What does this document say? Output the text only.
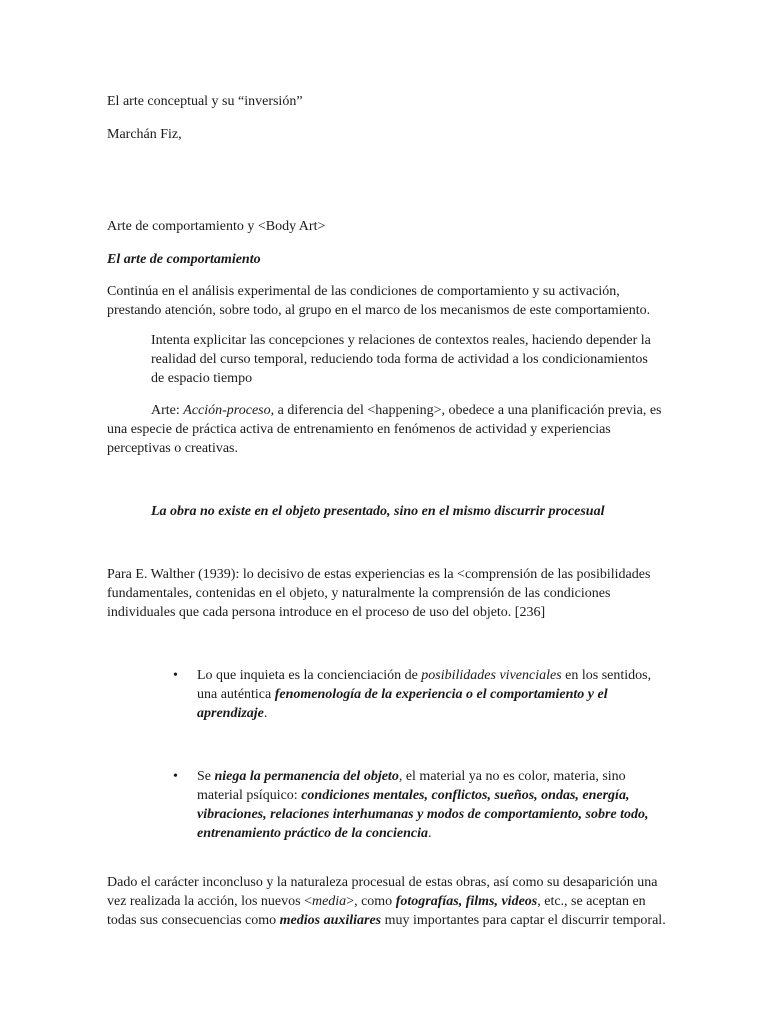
El arte conceptual y su “inversión”

Marchán Fiz,

Arte de comportamiento y <Body Art>

El arte de comportamiento

Continúa en el análisis experimental de las condiciones de comportamiento y su activación, prestando atención, sobre todo, al grupo en el marco de los mecanismos de este comportamiento.

Intenta explicitar las concepciones y relaciones de contextos reales, haciendo depender la realidad del curso temporal, reduciendo toda forma de actividad a los condicionamientos de espacio tiempo

Arte: Acción-proceso, a diferencia del <happening>, obedece a una planificación previa, es una especie de práctica activa de entrenamiento en fenómenos de actividad y experiencias perceptivas o creativas.

La obra no existe en el objeto presentado, sino en el mismo discurrir procesual

Para E. Walther (1939): lo decisivo de estas experiencias es la <comprensión de las posibilidades fundamentales, contenidas en el objeto, y naturalmente la comprensión de las condiciones individuales que cada persona introduce en el proceso de uso del objeto. [236]

• Lo que inquieta es la concienciación de posibilidades vivenciales en los sentidos, una auténtica fenomenología de la experiencia o el comportamiento y el aprendizaje.
• Se niega la permanencia del objeto, el material ya no es color, materia, sino material psíquico: condiciones mentales, conflictos, sueños, ondas, energía, vibraciones, relaciones interhumanas y modos de comportamiento, sobre todo, entrenamiento práctico de la conciencia.

Dado el carácter inconcluso y la naturaleza procesual de estas obras, así como su desaparición una vez realizada la acción, los nuevos <media>, como fotografías, films, videos, etc., se aceptan en todas sus consecuencias como medios auxiliares muy importantes para captar el discurrir temporal.
